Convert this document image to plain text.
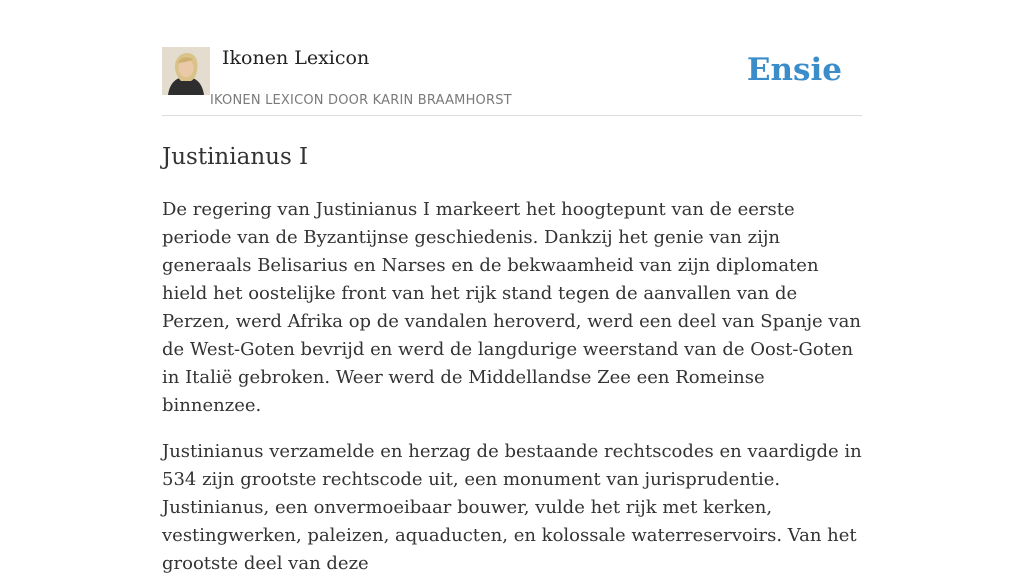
Ikonen Lexicon
IKONEN LEXICON DOOR KARIN BRAAMHORST
Ensie
Justinianus I

De regering van Justinianus I markeert het hoogtepunt van de eerste periode van de Byzantijnse geschiedenis. Dankzij het genie van zijn generaals Belisarius en Narses en de bekwaamheid van zijn diplomaten hield het oostelijke front van het rijk stand tegen de aanvallen van de Perzen, werd Afrika op de vandalen heroverd, werd een deel van Spanje van de West-Goten bevrijd en werd de langdurige weerstand van de Oost-Goten in Italië gebroken. Weer werd de Middellandse Zee een Romeinse binnenzee.

Justinianus verzamelde en herzag de bestaande rechtscodes en vaardigde in 534 zijn grootste rechtscode uit, een monument van jurisprudentie. Justinianus, een onvermoeibaar bouwer, vulde het rijk met kerken, vestingwerken, paleizen, aquaducten, en kolossale waterreservoirs. Van het grootste deel van deze
